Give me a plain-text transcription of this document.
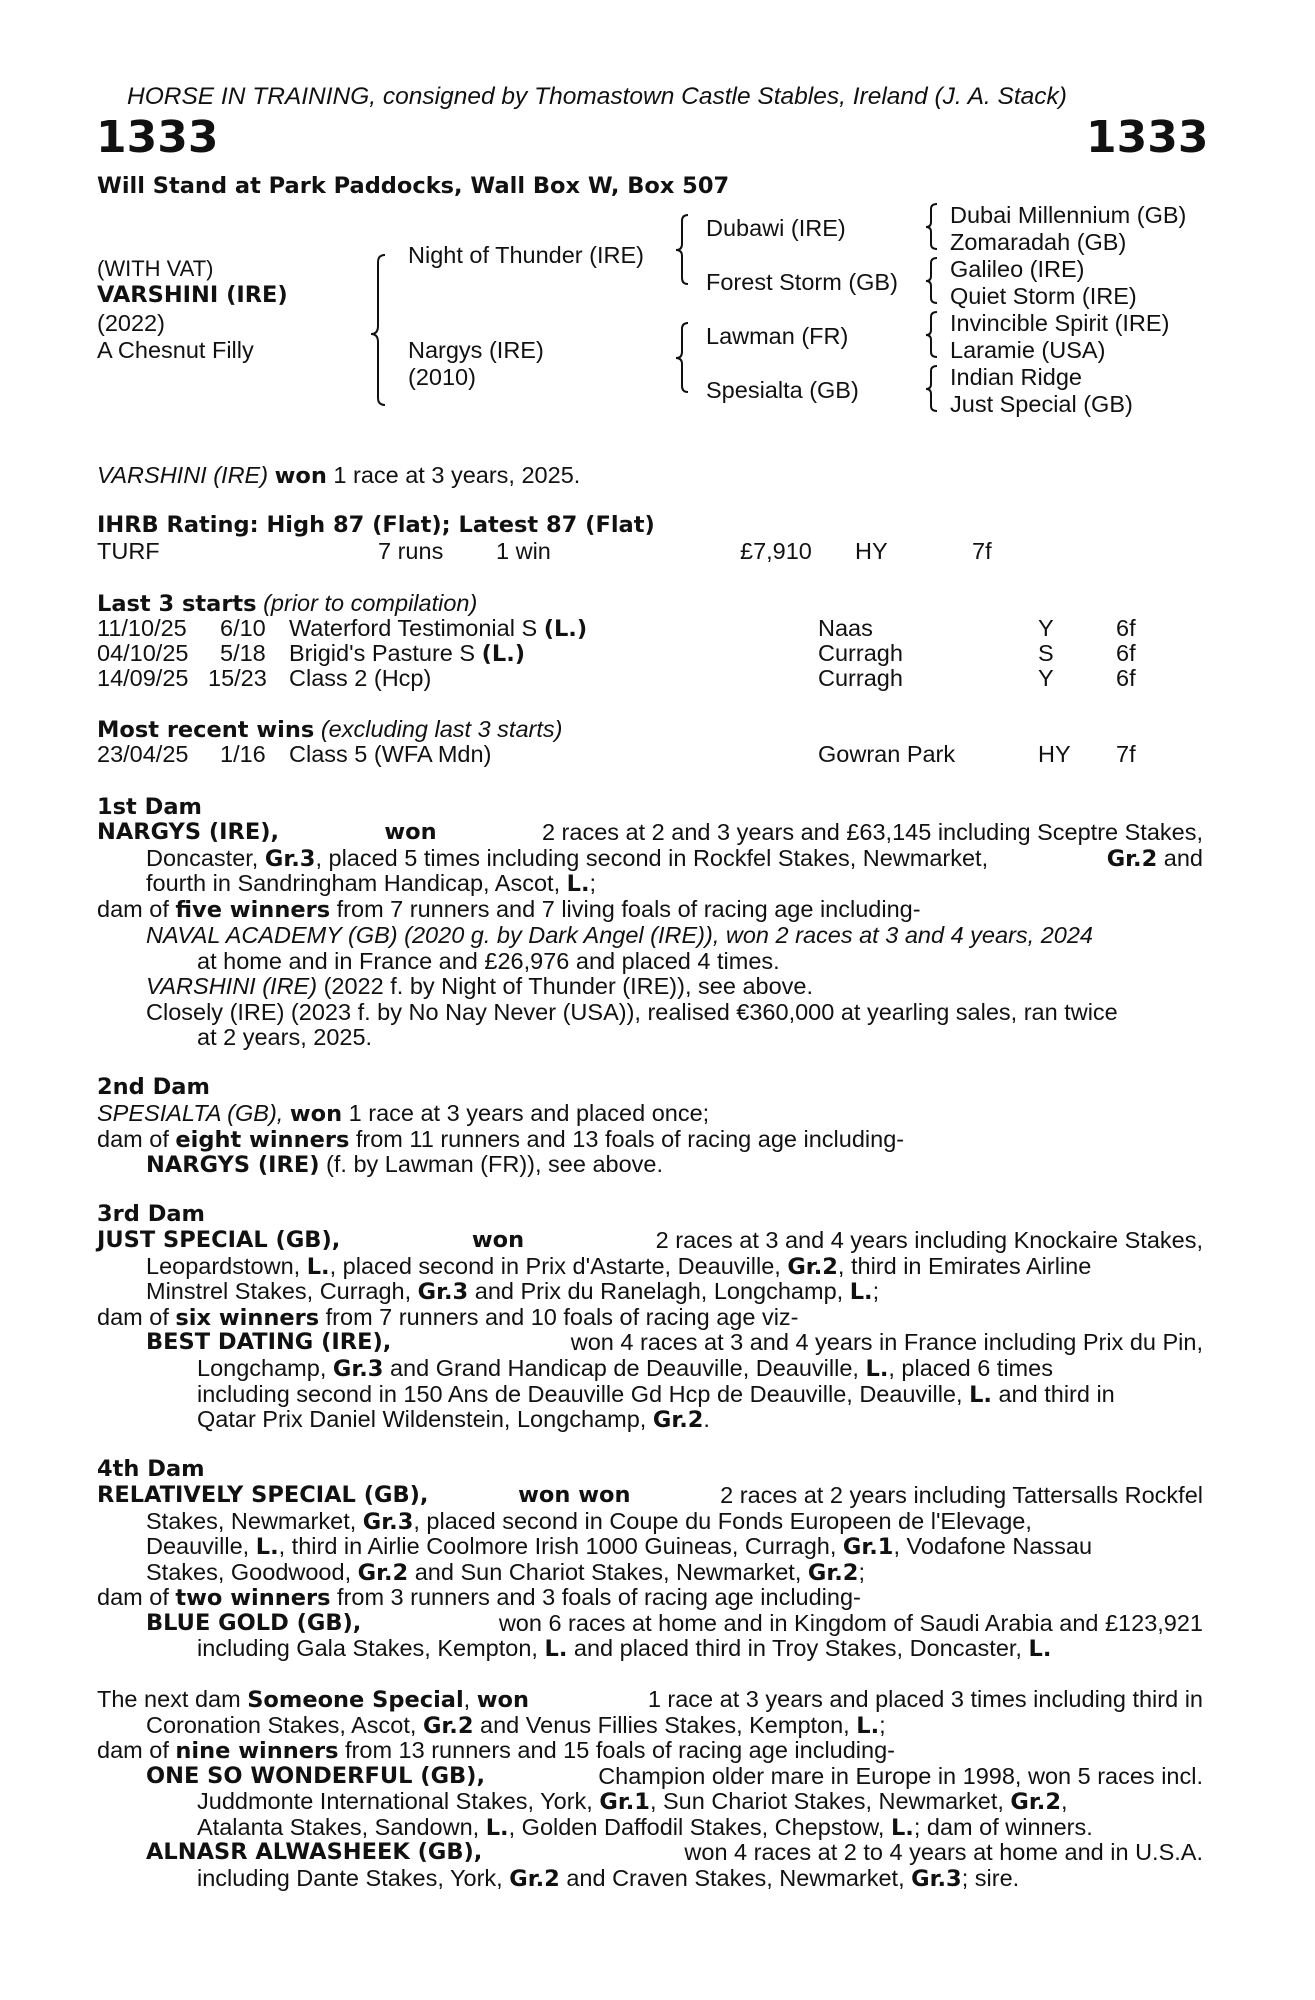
HORSE IN TRAINING, consigned by Thomastown Castle Stables, Ireland (J. A. Stack)
1333	1333
Will Stand at Park Paddocks, Wall Box W, Box 507
(WITH VAT)
VARSHINI (IRE)
(2022)
A Chesnut Filly
Night of Thunder (IRE)
Nargys (IRE)
(2010)
Dubawi (IRE)
Forest Storm (GB)
Lawman (FR)
Spesialta (GB)
Dubai Millennium (GB)
Zomaradah (GB)
Galileo (IRE)
Quiet Storm (IRE)
Invincible Spirit (IRE)
Laramie (USA)
Indian Ridge
Just Special (GB)
VARSHINI (IRE) won 1 race at 3 years, 2025.
IHRB Rating: High 87 (Flat); Latest 87 (Flat)
TURF	7 runs 1 win	£7,910 HY	7f
Last 3 starts (prior to compilation)
11/10/25 6/10 Waterford Testimonial S (L.)	Naas	Y	6f
04/10/25 5/18 Brigid's Pasture S (L.)	Curragh	S	6f
14/09/25 15/23 Class 2 (Hcp)	Curragh	Y	6f
Most recent wins (excluding last 3 starts)
23/04/25 1/16 Class 5 (WFA Mdn)	Gowran Park	HY 7f
1st Dam
NARGYS (IRE),	won	2 races at 2 and 3 years and £63,145 including Sceptre Stakes,
Doncaster, Gr.3, placed 5 times including second in Rockfel Stakes, Newmarket,	Gr.2 and
fourth in Sandringham Handicap, Ascot, L.;
dam of five winners from 7 runners and 7 living foals of racing age including-
NAVAL ACADEMY (GB) (2020 g. by Dark Angel (IRE)), won 2 races at 3 and 4 years, 2024
at home and in France and £26,976 and placed 4 times.
VARSHINI (IRE) (2022 f. by Night of Thunder (IRE)), see above.
Closely (IRE) (2023 f. by No Nay Never (USA)), realised €360,000 at yearling sales, ran twice
at 2 years, 2025.
2nd Dam
SPESIALTA (GB), won 1 race at 3 years and placed once;
dam of eight winners from 11 runners and 13 foals of racing age including-
NARGYS (IRE) (f. by Lawman (FR)), see above.
3rd Dam
JUST SPECIAL (GB),	won	2 races at 3 and 4 years including Knockaire Stakes,
Leopardstown, L., placed second in Prix d'Astarte, Deauville, Gr.2, third in Emirates Airline
Minstrel Stakes, Curragh, Gr.3 and Prix du Ranelagh, Longchamp, L.;
dam of six winners from 7 runners and 10 foals of racing age viz-
BEST DATING (IRE),	won 4 races at 3 and 4 years in France including Prix du Pin,
Longchamp, Gr.3 and Grand Handicap de Deauville, Deauville, L., placed 6 times
including second in 150 Ans de Deauville Gd Hcp de Deauville, Deauville, L. and third in
Qatar Prix Daniel Wildenstein, Longchamp, Gr.2.
4th Dam
RELATIVELY SPECIAL (GB),	won won	2 races at 2 years including Tattersalls Rockfel
Stakes, Newmarket, Gr.3, placed second in Coupe du Fonds Europeen de l'Elevage,
Deauville, L., third in Airlie Coolmore Irish 1000 Guineas, Curragh, Gr.1, Vodafone Nassau
Stakes, Goodwood, Gr.2 and Sun Chariot Stakes, Newmarket, Gr.2;
dam of two winners from 3 runners and 3 foals of racing age including-
BLUE GOLD (GB),	won 6 races at home and in Kingdom of Saudi Arabia and £123,921
including Gala Stakes, Kempton, L. and placed third in Troy Stakes, Doncaster, L.
The next dam Someone Special, won	1 race at 3 years and placed 3 times including third in
Coronation Stakes, Ascot, Gr.2 and Venus Fillies Stakes, Kempton, L.;
dam of nine winners from 13 runners and 15 foals of racing age including-
ONE SO WONDERFUL (GB),	Champion older mare in Europe in 1998, won 5 races incl.
Juddmonte International Stakes, York, Gr.1, Sun Chariot Stakes, Newmarket, Gr.2,
Atalanta Stakes, Sandown, L., Golden Daffodil Stakes, Chepstow, L.; dam of winners.
ALNASR ALWASHEEK (GB),	won 4 races at 2 to 4 years at home and in U.S.A.
including Dante Stakes, York, Gr.2 and Craven Stakes, Newmarket, Gr.3; sire.
